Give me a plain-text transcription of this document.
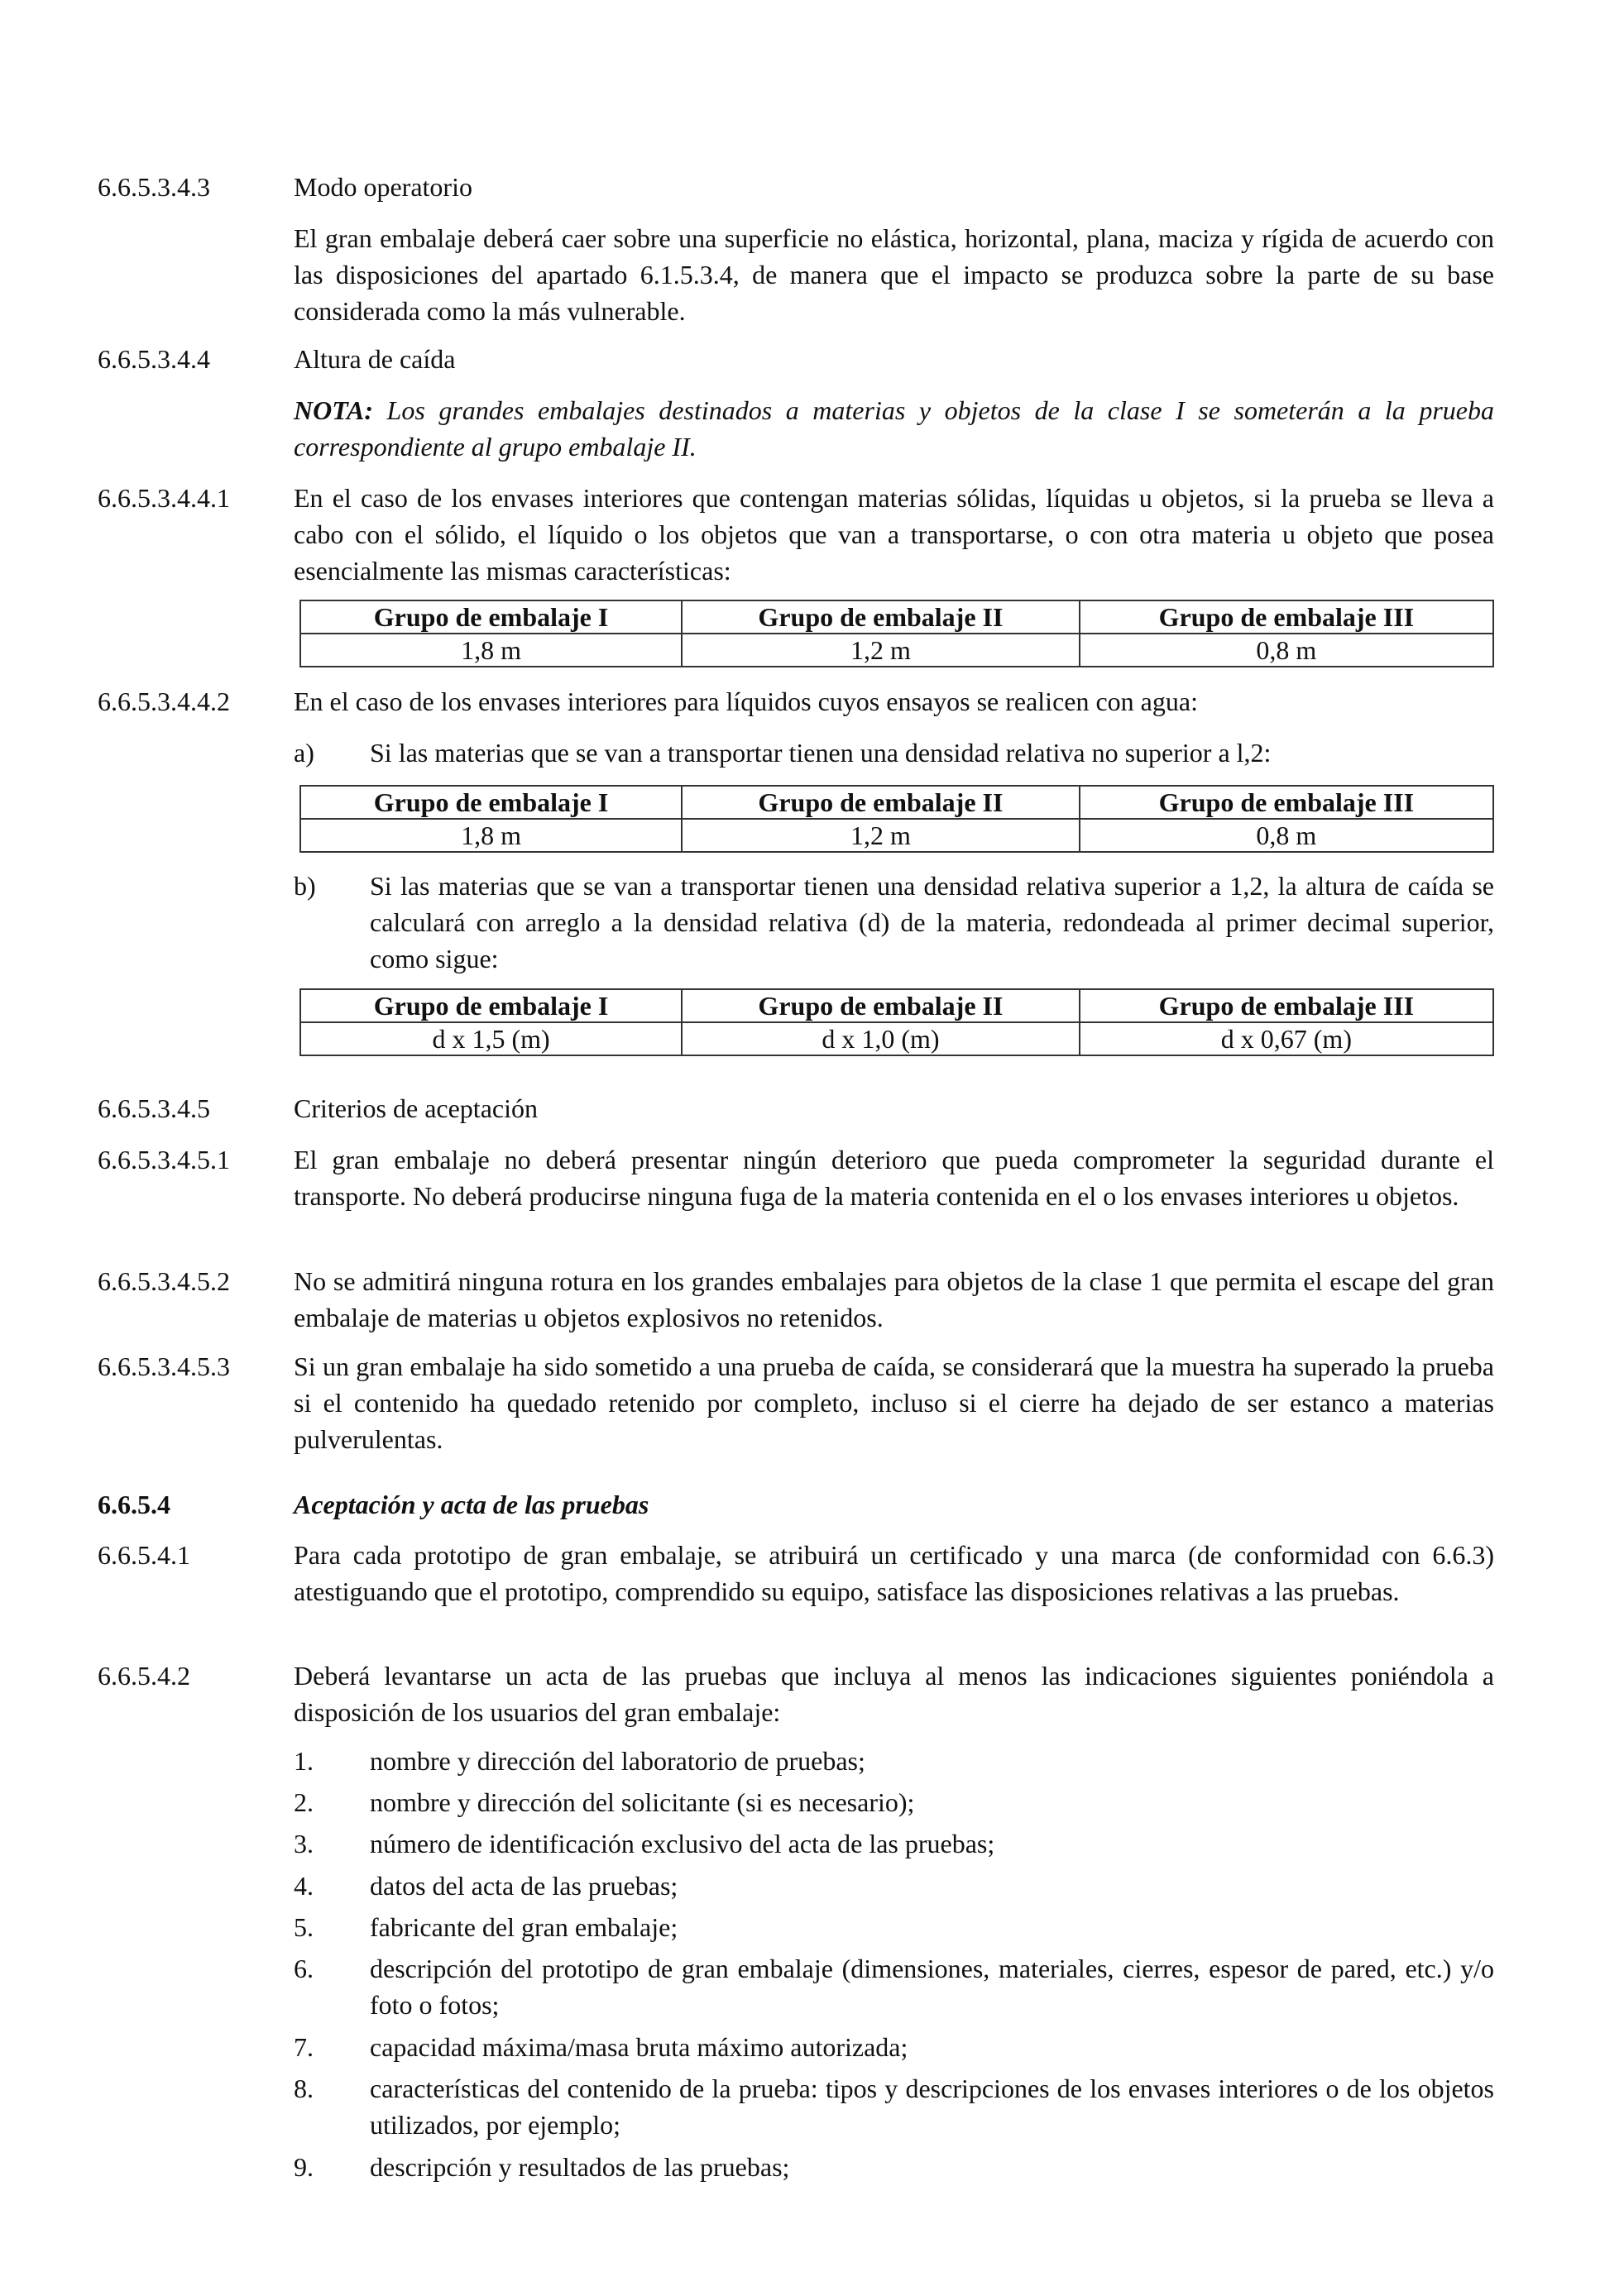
6.6.5.3.4.3	Modo operatorio
El gran embalaje deberá caer sobre una superficie no elástica, horizontal, plana, maciza y rígida de acuerdo con las disposiciones del apartado 6.1.5.3.4, de manera que el impacto se produzca sobre la parte de su base considerada como la más vulnerable.
6.6.5.3.4.4	Altura de caída
NOTA: Los grandes embalajes destinados a materias y objetos de la clase I se someterán a la prueba correspondiente al grupo embalaje II.
6.6.5.3.4.4.1	En el caso de los envases interiores que contengan materias sólidas, líquidas u objetos, si la prueba se lleva a cabo con el sólido, el líquido o los objetos que van a transportarse, o con otra materia u objeto que posea esencialmente las mismas características:
Grupo de embalaje I	Grupo de embalaje II	Grupo de embalaje III
1,8 m	1,2 m	0,8 m
6.6.5.3.4.4.2	En el caso de los envases interiores para líquidos cuyos ensayos se realicen con agua:
a) Si las materias que se van a transportar tienen una densidad relativa no superior a l,2:
Grupo de embalaje I	Grupo de embalaje II	Grupo de embalaje III
1,8 m	1,2 m	0,8 m
b) Si las materias que se van a transportar tienen una densidad relativa superior a 1,2, la altura de caída se calculará con arreglo a la densidad relativa (d) de la materia, redondeada al primer decimal superior, como sigue:
Grupo de embalaje I	Grupo de embalaje II	Grupo de embalaje III
d x 1,5 (m)	d x 1,0 (m)	d x 0,67 (m)
6.6.5.3.4.5	Criterios de aceptación
6.6.5.3.4.5.1	El gran embalaje no deberá presentar ningún deterioro que pueda comprometer la seguridad durante el transporte. No deberá producirse ninguna fuga de la materia contenida en el o los envases interiores u objetos.
6.6.5.3.4.5.2	No se admitirá ninguna rotura en los grandes embalajes para objetos de la clase 1 que permita el escape del gran embalaje de materias u objetos explosivos no retenidos.
6.6.5.3.4.5.3	Si un gran embalaje ha sido sometido a una prueba de caída, se considerará que la muestra ha superado la prueba si el contenido ha quedado retenido por completo, incluso si el cierre ha dejado de ser estanco a materias pulverulentas.
6.6.5.4	Aceptación y acta de las pruebas
6.6.5.4.1	Para cada prototipo de gran embalaje, se atribuirá un certificado y una marca (de conformidad con 6.6.3) atestiguando que el prototipo, comprendido su equipo, satisface las disposiciones relativas a las pruebas.
6.6.5.4.2	Deberá levantarse un acta de las pruebas que incluya al menos las indicaciones siguientes poniéndola a disposición de los usuarios del gran embalaje:
1. nombre y dirección del laboratorio de pruebas;
2. nombre y dirección del solicitante (si es necesario);
3. número de identificación exclusivo del acta de las pruebas;
4. datos del acta de las pruebas;
5. fabricante del gran embalaje;
6. descripción del prototipo de gran embalaje (dimensiones, materiales, cierres, espesor de pared, etc.) y/o foto o fotos;
7. capacidad máxima/masa bruta máximo autorizada;
8. características del contenido de la prueba: tipos y descripciones de los envases interiores o de los objetos utilizados, por ejemplo;
9. descripción y resultados de las pruebas;
